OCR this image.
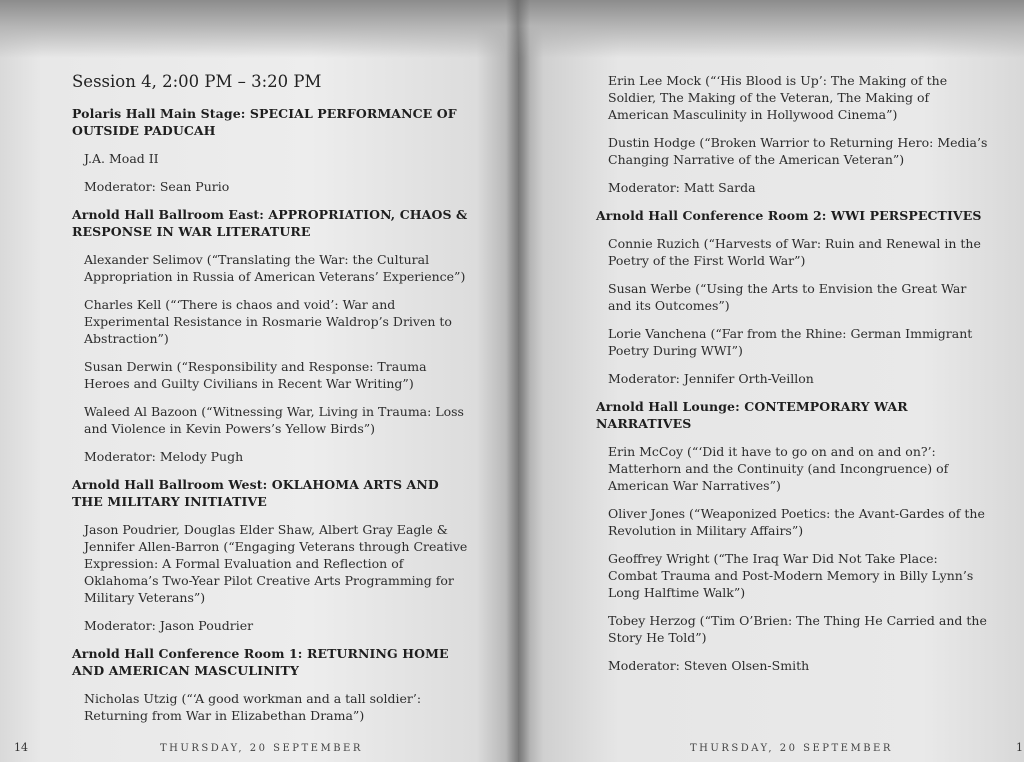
Session 4, 2:00 PM – 3:20 PM
Polaris Hall Main Stage: SPECIAL PERFORMANCE OF OUTSIDE PADUCAH
J.A. Moad II
Moderator: Sean Purio
Arnold Hall Ballroom East: APPROPRIATION, CHAOS & RESPONSE IN WAR LITERATURE
Alexander Selimov (“Translating the War: the Cultural Appropriation in Russia of American Veterans’ Experience”)
Charles Kell (“‘There is chaos and void’: War and Experimental Resistance in Rosmarie Waldrop’s Driven to Abstraction”)
Susan Derwin (“Responsibility and Response: Trauma Heroes and Guilty Civilians in Recent War Writing”)
Waleed Al Bazoon (“Witnessing War, Living in Trauma: Loss and Violence in Kevin Powers’s Yellow Birds”)
Moderator: Melody Pugh
Arnold Hall Ballroom West: OKLAHOMA ARTS AND THE MILITARY INITIATIVE
Jason Poudrier, Douglas Elder Shaw, Albert Gray Eagle & Jennifer Allen-Barron (“Engaging Veterans through Creative Expression: A Formal Evaluation and Reflection of Oklahoma’s Two-Year Pilot Creative Arts Programming for Military Veterans”)
Moderator: Jason Poudrier
Arnold Hall Conference Room 1: RETURNING HOME AND AMERICAN MASCULINITY
Nicholas Utzig (“‘A good workman and a tall soldier’: Returning from War in Elizabethan Drama”)
14	THURSDAY, 20 SEPTEMBER
Erin Lee Mock (“‘His Blood is Up’: The Making of the Soldier, The Making of the Veteran, The Making of American Masculinity in Hollywood Cinema”)
Dustin Hodge (“Broken Warrior to Returning Hero: Media’s Changing Narrative of the American Veteran”)
Moderator: Matt Sarda
Arnold Hall Conference Room 2: WWI PERSPECTIVES
Connie Ruzich (“Harvests of War: Ruin and Renewal in the Poetry of the First World War”)
Susan Werbe (“Using the Arts to Envision the Great War and its Outcomes”)
Lorie Vanchena (“Far from the Rhine: German Immigrant Poetry During WWI”)
Moderator: Jennifer Orth-Veillon
Arnold Hall Lounge: CONTEMPORARY WAR NARRATIVES
Erin McCoy (“‘Did it have to go on and on and on?’: Matterhorn and the Continuity (and Incongruence) of American War Narratives”)
Oliver Jones (“Weaponized Poetics: the Avant-Gardes of the Revolution in Military Affairs”)
Geoffrey Wright (“The Iraq War Did Not Take Place: Combat Trauma and Post-Modern Memory in Billy Lynn’s Long Halftime Walk”)
Tobey Herzog (“Tim O’Brien: The Thing He Carried and the Story He Told”)
Moderator: Steven Olsen-Smith
THURSDAY, 20 SEPTEMBER	1
